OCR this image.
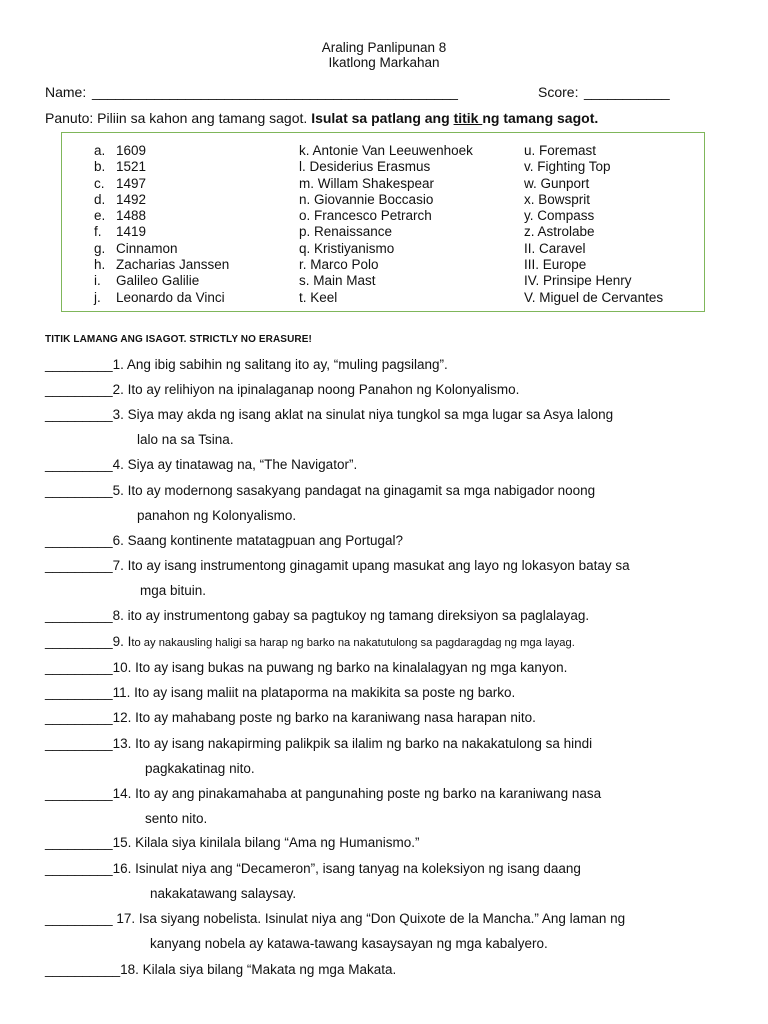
Araling Panlipunan 8
Ikatlong Markahan
Name: _______________________________________________	Score: ___________
Panuto: Piliin sa kahon ang tamang sagot. Isulat sa patlang ang titik ng tamang sagot.
a. 1609
b. 1521
c. 1497
d. 1492
e. 1488
f. 1419
g. Cinnamon
h. Zacharias Janssen
i. Galileo Galilie
j. Leonardo da Vinci
k. Antonie Van Leeuwenhoek
l. Desiderius Erasmus
m. Willam Shakespear
n. Giovannie Boccasio
o. Francesco Petrarch
p. Renaissance
q. Kristiyanismo
r. Marco Polo
s. Main Mast
t. Keel
u. Foremast
v. Fighting Top
w. Gunport
x. Bowsprit
y. Compass
z. Astrolabe
II. Caravel
III. Europe
IV. Prinsipe Henry
V. Miguel de Cervantes
TITIK LAMANG ANG ISAGOT. STRICTLY NO ERASURE!
_________1. Ang ibig sabihin ng salitang ito ay, “muling pagsilang”.
_________2. Ito ay relihiyon na ipinalaganap noong Panahon ng Kolonyalismo.
_________3. Siya may akda ng isang aklat na sinulat niya tungkol sa mga lugar sa Asya lalong
lalo na sa Tsina.
_________4. Siya ay tinatawag na, “The Navigator”.
_________5. Ito ay modernong sasakyang pandagat na ginagamit sa mga nabigador noong
panahon ng Kolonyalismo.
_________6. Saang kontinente matatagpuan ang Portugal?
_________7. Ito ay isang instrumentong ginagamit upang masukat ang layo ng lokasyon batay sa
mga bituin.
_________8. ito ay instrumentong gabay sa pagtukoy ng tamang direksiyon sa paglalayag.
_________9. Ito ay nakausling haligi sa harap ng barko na nakatutulong sa pagdaragdag ng mga layag.
_________10. Ito ay isang bukas na puwang ng barko na kinalalagyan ng mga kanyon.
_________11. Ito ay isang maliit na plataporma na makikita sa poste ng barko.
_________12. Ito ay mahabang poste ng barko na karaniwang nasa harapan nito.
_________13. Ito ay isang nakapirming palikpik sa ilalim ng barko na nakakatulong sa hindi
pagkakatinag nito.
_________14. Ito ay ang pinakamahaba at pangunahing poste ng barko na karaniwang nasa
sento nito.
_________15. Kilala siya kinilala bilang “Ama ng Humanismo.”
_________16. Isinulat niya ang “Decameron”, isang tanyag na koleksiyon ng isang daang
nakakatawang salaysay.
_________ 17. Isa siyang nobelista. Isinulat niya ang “Don Quixote de la Mancha.” Ang laman ng
kanyang nobela ay katawa-tawang kasaysayan ng mga kabalyero.
__________18. Kilala siya bilang “Makata ng mga Makata.
